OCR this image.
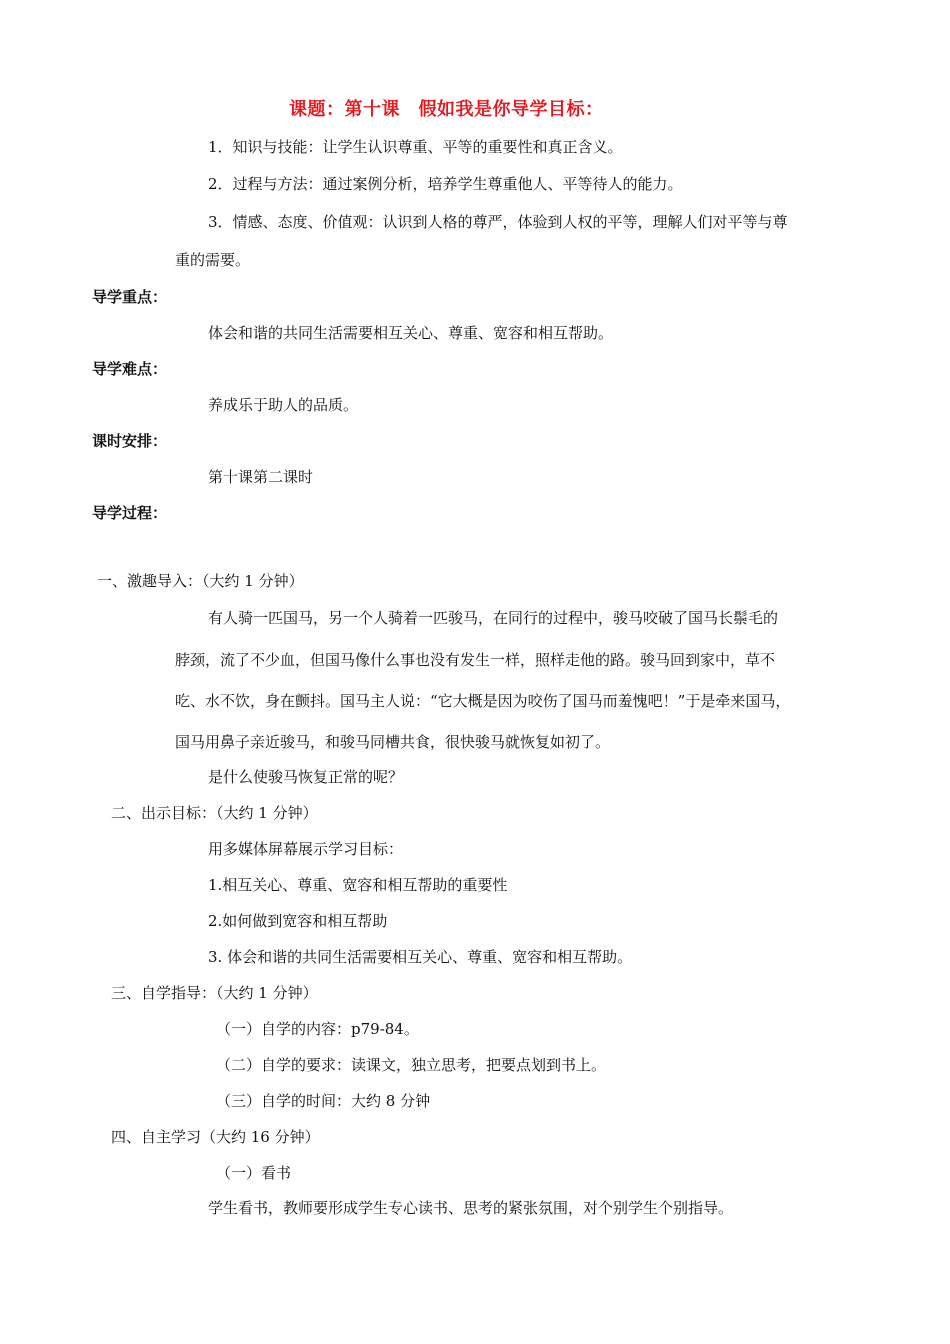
课题：第十课　假如我是你导学目标：
1．知识与技能：让学生认识尊重、平等的重要性和真正含义。
2．过程与方法：通过案例分析，培养学生尊重他人、平等待人的能力。
3．情感、态度、价值观：认识到人格的尊严，体验到人权的平等，理解人们对平等与尊
重的需要。
导学重点：
体会和谐的共同生活需要相互关心、尊重、宽容和相互帮助。
导学难点：
养成乐于助人的品质。
课时安排：
第十课第二课时
导学过程：
一、激趣导入：（大约 1 分钟）
有人骑一匹国马，另一个人骑着一匹骏马，在同行的过程中，骏马咬破了国马长鬃毛的
脖颈，流了不少血，但国马像什么事也没有发生一样，照样走他的路。骏马回到家中，草不
吃、水不饮，身在颤抖。国马主人说：“它大概是因为咬伤了国马而羞愧吧！”于是牵来国马，
国马用鼻子亲近骏马，和骏马同槽共食，很快骏马就恢复如初了。
是什么使骏马恢复正常的呢？
二、出示目标：（大约 1 分钟）
用多媒体屏幕展示学习目标：
1.相互关心、尊重、宽容和相互帮助的重要性
2.如何做到宽容和相互帮助
3. 体会和谐的共同生活需要相互关心、尊重、宽容和相互帮助。
三、自学指导：（大约 1 分钟）
（一）自学的内容：p79-84。
（二）自学的要求：读课文，独立思考，把要点划到书上。
（三）自学的时间：大约 8 分钟
四、自主学习（大约 16 分钟）
（一）看书
学生看书，教师要形成学生专心读书、思考的紧张氛围，对个别学生个别指导。
